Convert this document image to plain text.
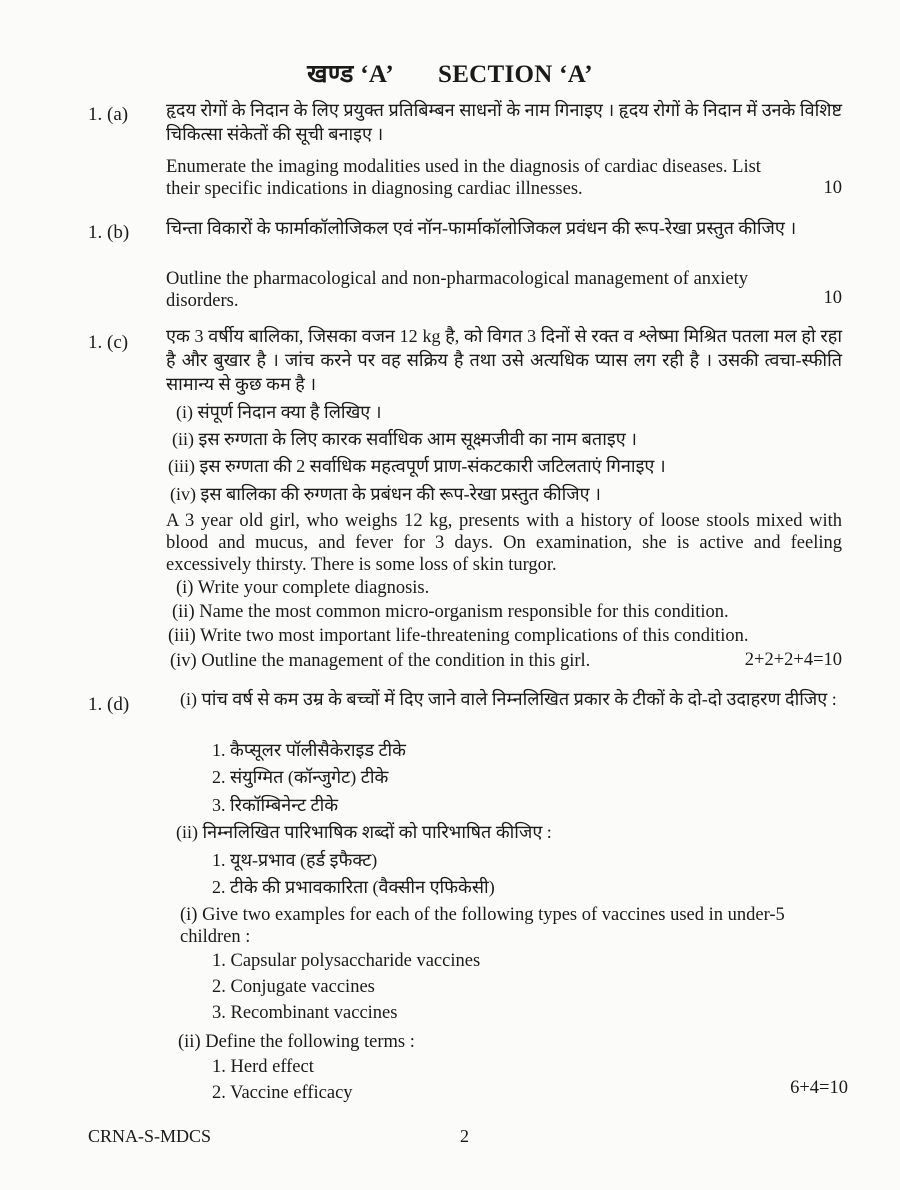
खण्ड ‘A’ SECTION ‘A’
1. (a) हृदय रोगों के निदान के लिए प्रयुक्त प्रतिबिम्बन साधनों के नाम गिनाइए । हृदय रोगों के निदान में उनके विशिष्ट चिकित्सा संकेतों की सूची बनाइए ।
Enumerate the imaging modalities used in the diagnosis of cardiac diseases. List
their specific indications in diagnosing cardiac illnesses.	10
1. (b) चिन्ता विकारों के फार्माकॉलोजिकल एवं नॉन-फार्माकॉलोजिकल प्रवंधन की रूप-रेखा प्रस्तुत कीजिए ।
Outline the pharmacological and non-pharmacological management of anxiety
disorders.	10
1. (c) एक 3 वर्षीय बालिका, जिसका वजन 12 kg है, को विगत 3 दिनों से रक्त व श्लेष्मा मिश्रित पतला मल हो रहा है और बुखार है । जांच करने पर वह सक्रिय है तथा उसे अत्यधिक प्यास लग रही है । उसकी त्वचा-स्फीति सामान्य से कुछ कम है ।
(i) संपूर्ण निदान क्या है लिखिए ।
(ii) इस रुग्णता के लिए कारक सर्वाधिक आम सूक्ष्मजीवी का नाम बताइए ।
(iii) इस रुग्णता की 2 सर्वाधिक महत्वपूर्ण प्राण-संकटकारी जटिलताएं गिनाइए ।
(iv) इस बालिका की रुग्णता के प्रबंधन की रूप-रेखा प्रस्तुत कीजिए ।
A 3 year old girl, who weighs 12 kg, presents with a history of loose stools mixed with blood and mucus, and fever for 3 days. On examination, she is active and feeling excessively thirsty. There is some loss of skin turgor.
(i) Write your complete diagnosis.
(ii) Name the most common micro-organism responsible for this condition.
(iii) Write two most important life-threatening complications of this condition.
(iv) Outline the management of the condition in this girl.	2+2+2+4=10
1. (d)	(i) पांच वर्ष से कम उम्र के बच्चों में दिए जाने वाले निम्नलिखित प्रकार के टीकों के दो-दो उदाहरण दीजिए :
1. कैप्सूलर पॉलीसैकेराइड टीके
2. संयुग्मित (कॉन्जुगेट) टीके
3. रिकॉम्बिनेन्ट टीके
(ii) निम्नलिखित पारिभाषिक शब्दों को पारिभाषित कीजिए :
1. यूथ-प्रभाव (हर्ड इफैक्ट)
2. टीके की प्रभावकारिता (वैक्सीन एफिकेसी)
(i) Give two examples for each of the following types of vaccines used in under-5 children :
1. Capsular polysaccharide vaccines
2. Conjugate vaccines
3. Recombinant vaccines
(ii) Define the following terms :
1. Herd effect
2. Vaccine efficacy	6+4=10
CRNA-S-MDCS	2
